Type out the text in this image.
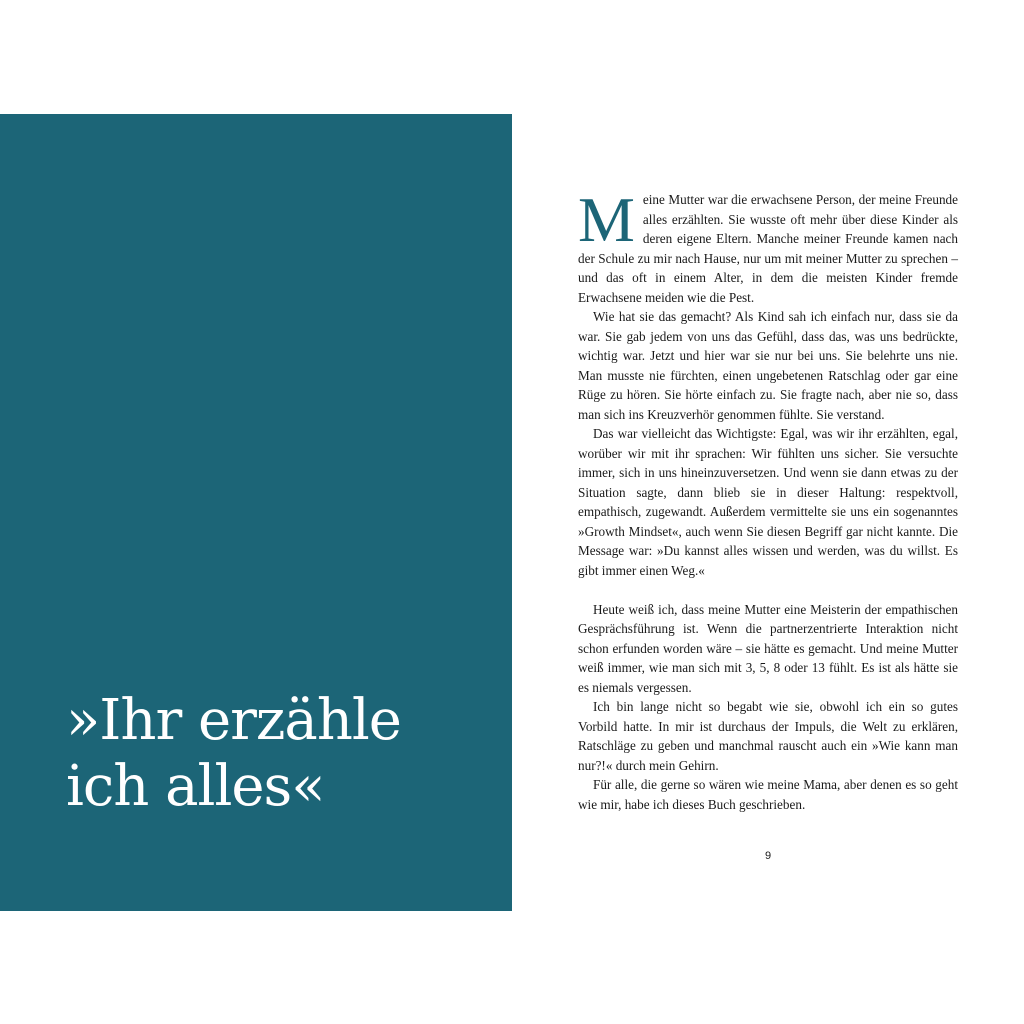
»Ihr erzähle
ich alles«

Meine Mutter war die erwachsene Person, der meine Freunde alles erzählten. Sie wusste oft mehr über diese Kinder als deren eigene Eltern. Manche meiner Freunde kamen nach der Schule zu mir nach Hause, nur um mit meiner Mutter zu sprechen – und das oft in einem Alter, in dem die meisten Kinder fremde Erwachsene meiden wie die Pest.

Wie hat sie das gemacht? Als Kind sah ich einfach nur, dass sie da war. Sie gab jedem von uns das Gefühl, dass das, was uns bedrückte, wichtig war. Jetzt und hier war sie nur bei uns. Sie belehrte uns nie. Man musste nie fürchten, einen ungebetenen Ratschlag oder gar eine Rüge zu hören. Sie hörte einfach zu. Sie fragte nach, aber nie so, dass man sich ins Kreuzverhör genommen fühlte. Sie verstand.

Das war vielleicht das Wichtigste: Egal, was wir ihr erzählten, egal, worüber wir mit ihr sprachen: Wir fühlten uns sicher. Sie versuchte immer, sich in uns hineinzuversetzen. Und wenn sie dann etwas zu der Situation sagte, dann blieb sie in dieser Haltung: respektvoll, empathisch, zugewandt. Außerdem vermittelte sie uns ein sogenanntes »Growth Mindset«, auch wenn Sie diesen Begriff gar nicht kannte. Die Message war: »Du kannst alles wissen und werden, was du willst. Es gibt immer einen Weg.«

Heute weiß ich, dass meine Mutter eine Meisterin der empathischen Gesprächsführung ist. Wenn die partnerzentrierte Interaktion nicht schon erfunden worden wäre – sie hätte es gemacht. Und meine Mutter weiß immer, wie man sich mit 3, 5, 8 oder 13 fühlt. Es ist als hätte sie es niemals vergessen.

Ich bin lange nicht so begabt wie sie, obwohl ich ein so gutes Vorbild hatte. In mir ist durchaus der Impuls, die Welt zu erklären, Ratschläge zu geben und manchmal rauscht auch ein »Wie kann man nur?!« durch mein Gehirn.

Für alle, die gerne so wären wie meine Mama, aber denen es so geht wie mir, habe ich dieses Buch geschrieben.

9
